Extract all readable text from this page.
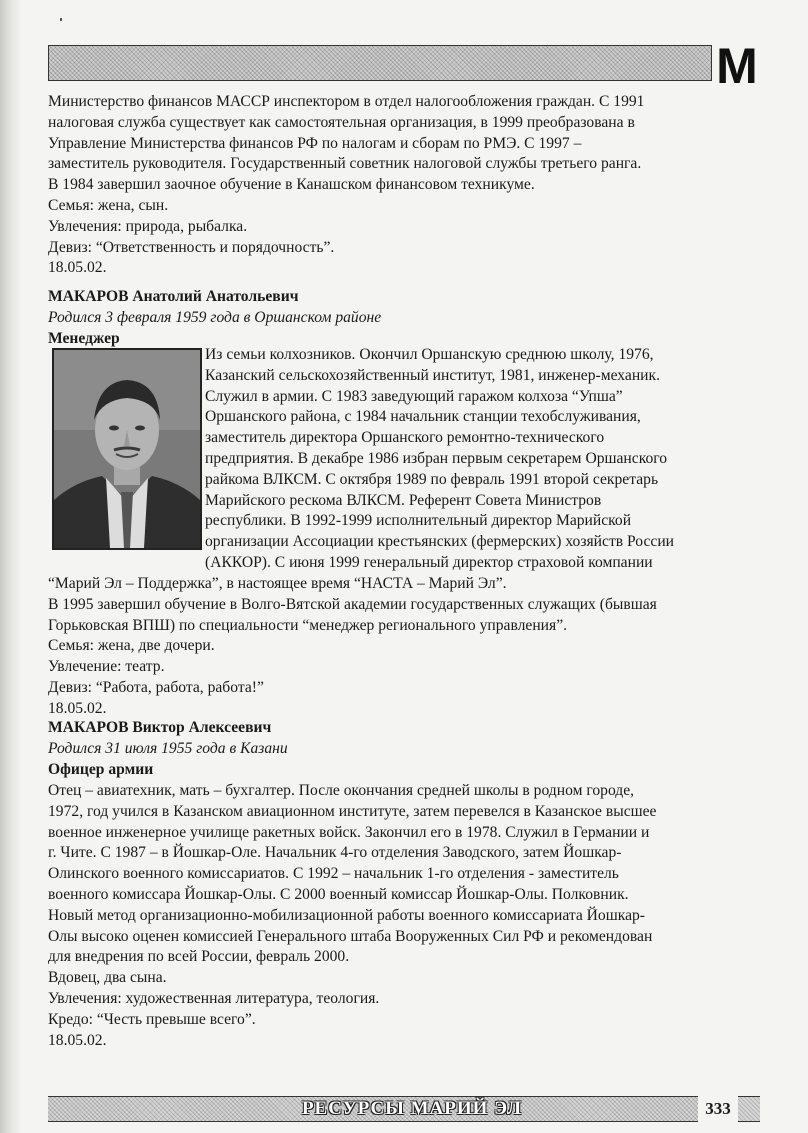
М

Министерство финансов МАССР инспектором в отдел налогообложения граждан. С 1991

налоговая служба существует как самостоятельная организация, в 1999 преобразована в

Управление Министерства финансов РФ по налогам и сборам по РМЭ. С 1997 –

заместитель руководителя. Государственный советник налоговой службы третьего ранга.

В 1984 завершил заочное обучение в Канашском финансовом техникуме.

Семья: жена, сын.

Увлечения: природа, рыбалка.

Девиз: “Ответственность и порядочность”.

18.05.02.

МАКАРОВ Анатолий Анатольевич

Родился 3 февраля 1959 года в Оршанском районе

Менеджер

Из семьи колхозников. Окончил Оршанскую среднюю школу, 1976,

Казанский сельскохозяйственный институт, 1981, инженер-механик.

Служил в армии. С 1983 заведующий гаражом колхоза “Упша”

Оршанского района, с 1984 начальник станции техобслуживания,

заместитель директора Оршанского ремонтно-технического

предприятия. В декабре 1986 избран первым секретарем Оршанского

райкома ВЛКСМ. С октября 1989 по февраль 1991 второй секретарь

Марийского рескома ВЛКСМ. Референт Совета Министров

республики. В 1992-1999 исполнительный директор Марийской

организации Ассоциации крестьянских (фермерских) хозяйств России

(АККОР). С июня 1999 генеральный директор страховой компании

“Марий Эл – Поддержка”, в настоящее время “НАСТА – Марий Эл”.

В 1995 завершил обучение в Волго-Вятской академии государственных служащих (бывшая

Горьковская ВПШ) по специальности “менеджер регионального управления”.

Семья: жена, две дочери.

Увлечение: театр.

Девиз: “Работа, работа, работа!”

18.05.02.

МАКАРОВ Виктор Алексеевич

Родился 31 июля 1955 года в Казани

Офицер армии

Отец – авиатехник, мать – бухгалтер. После окончания средней школы в родном городе,

1972, год учился в Казанском авиационном институте, затем перевелся в Казанское высшее

военное инженерное училище ракетных войск. Закончил его в 1978. Служил в Германии и

г. Чите. С 1987 – в Йошкар-Оле. Начальник 4-го отделения Заводского, затем Йошкар-

Олинского военного комиссариатов. С 1992 – начальник 1-го отделения - заместитель

военного комиссара Йошкар-Олы. С 2000 военный комиссар Йошкар-Олы. Полковник.

Новый метод организационно-мобилизационной работы военного комиссариата Йошкар-

Олы высоко оценен комиссией Генерального штаба Вооруженных Сил РФ и рекомендован

для внедрения по всей России, февраль 2000.

Вдовец, два сына.

Увлечения: художественная литература, теология.

Кредо: “Честь превыше всего”.

18.05.02.

РЕСУРСЫ МАРИЙ ЭЛ	333
